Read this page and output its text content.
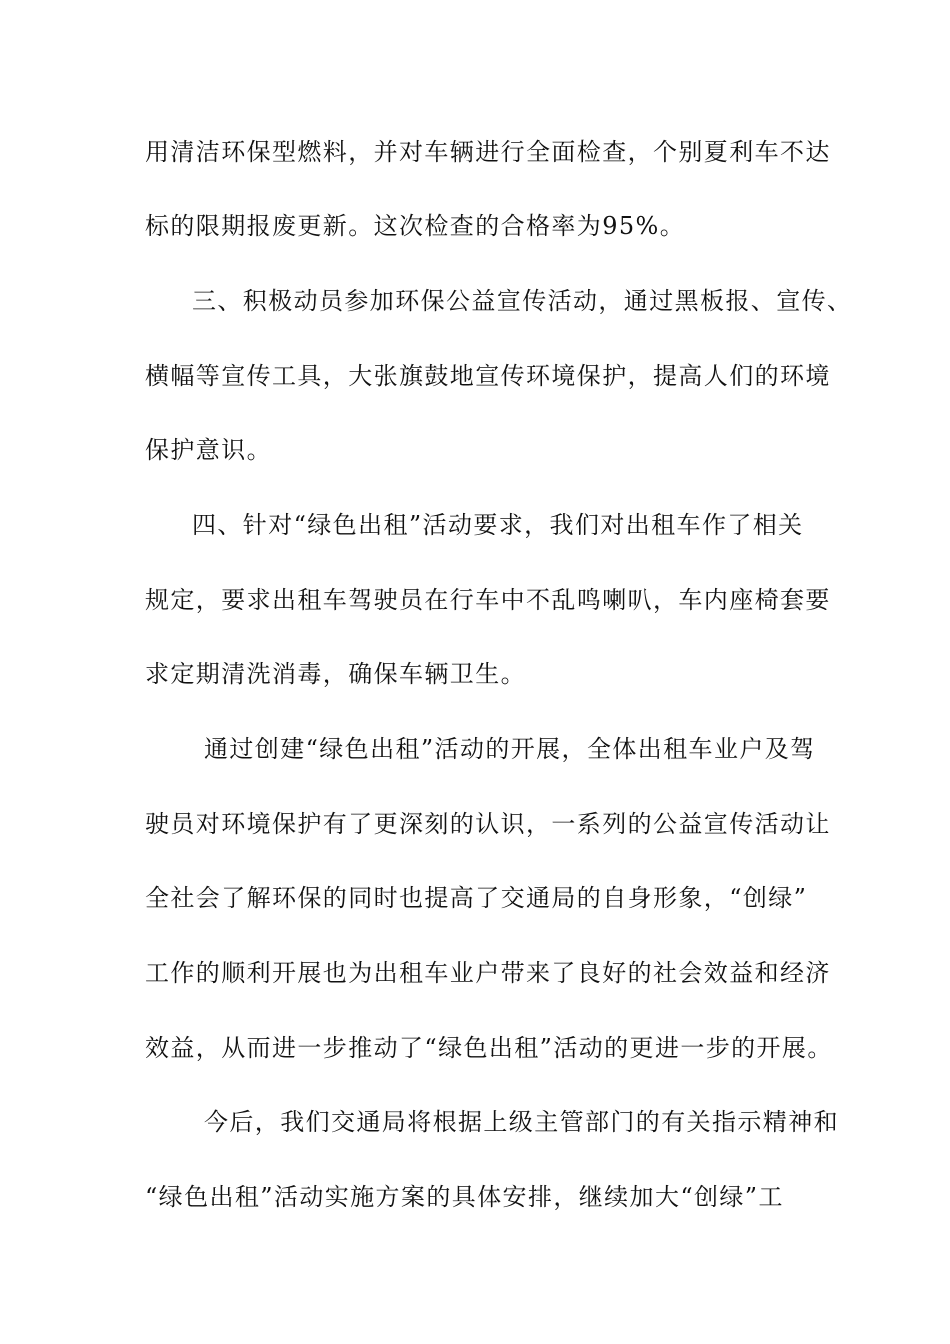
用清洁环保型燃料，并对车辆进行全面检查，个别夏利车不达

标的限期报废更新。这次检查的合格率为95%。

三、积极动员参加环保公益宣传活动，通过黑板报、宣传、

横幅等宣传工具，大张旗鼓地宣传环境保护，提高人们的环境

保护意识。

四、针对“绿色出租”活动要求，我们对出租车作了相关

规定，要求出租车驾驶员在行车中不乱鸣喇叭，车内座椅套要

求定期清洗消毒，确保车辆卫生。

通过创建“绿色出租”活动的开展，全体出租车业户及驾

驶员对环境保护有了更深刻的认识，一系列的公益宣传活动让

全社会了解环保的同时也提高了交通局的自身形象，“创绿”

工作的顺利开展也为出租车业户带来了良好的社会效益和经济

效益，从而进一步推动了“绿色出租”活动的更进一步的开展。

今后，我们交通局将根据上级主管部门的有关指示精神和

“绿色出租”活动实施方案的具体安排，继续加大“创绿”工
